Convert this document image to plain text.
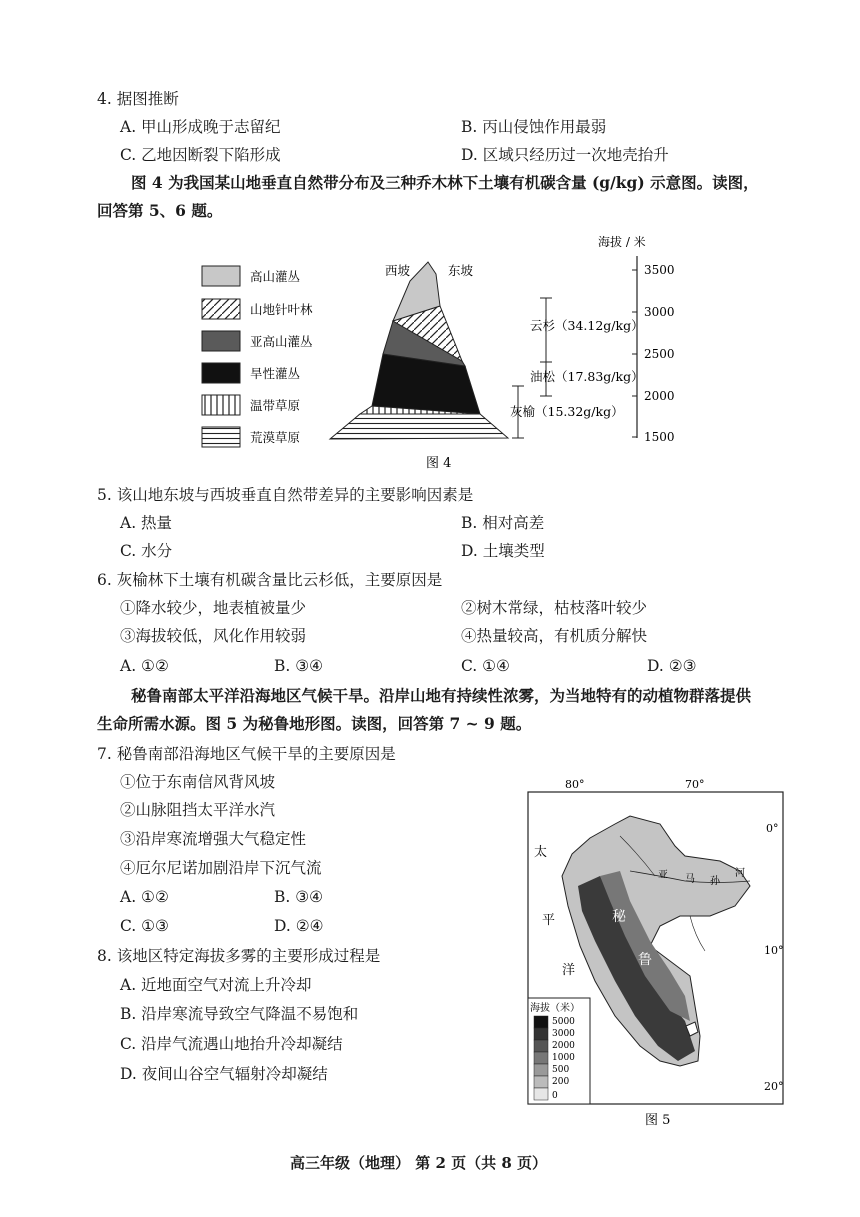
4. 据图推断
A. 甲山形成晚于志留纪	B. 丙山侵蚀作用最弱
C. 乙地因断裂下陷形成	D. 区域只经历过一次地壳抬升
图 4 为我国某山地垂直自然带分布及三种乔木林下土壤有机碳含量 (g/kg) 示意图。读图，
回答第 5、6 题。
高山灌丛
山地针叶林
亚高山灌丛
旱性灌丛
温带草原
荒漠草原
西坡	东坡
云杉（34.12g/kg）
油松（17.83g/kg）
灰榆（15.32g/kg）
海拔 / 米
3500
3000
2500
2000
1500
图 4
5. 该山地东坡与西坡垂直自然带差异的主要影响因素是
A. 热量	B. 相对高差
C. 水分	D. 土壤类型
6. 灰榆林下土壤有机碳含量比云杉低，主要原因是
①降水较少，地表植被量少	②树木常绿，枯枝落叶较少
③海拔较低，风化作用较弱	④热量较高，有机质分解快
A. ①②	B. ③④	C. ①④	D. ②③
秘鲁南部太平洋沿海地区气候干旱。沿岸山地有持续性浓雾，为当地特有的动植物群落提供
生命所需水源。图 5 为秘鲁地形图。读图，回答第 7 ~ 9 题。
7. 秘鲁南部沿海地区气候干旱的主要原因是
①位于东南信风背风坡
②山脉阻挡太平洋水汽
③沿岸寒流增强大气稳定性
④厄尔尼诺加剧沿岸下沉气流
A. ①②	B. ③④
C. ①③	D. ②④
8. 该地区特定海拔多雾的主要形成过程是
A. 近地面空气对流上升冷却
B. 沿岸寒流导致空气降温不易饱和
C. 沿岸气流遇山地抬升冷却凝结
D. 夜间山谷空气辐射冷却凝结
80°	70°
0°
10°
20°
太
平
洋
亚 马 孙
河
秘
鲁
海拔（米）
5000
3000
2000
1000
500
200
0
图 5
高三年级（地理） 第 2 页（共 8 页）
